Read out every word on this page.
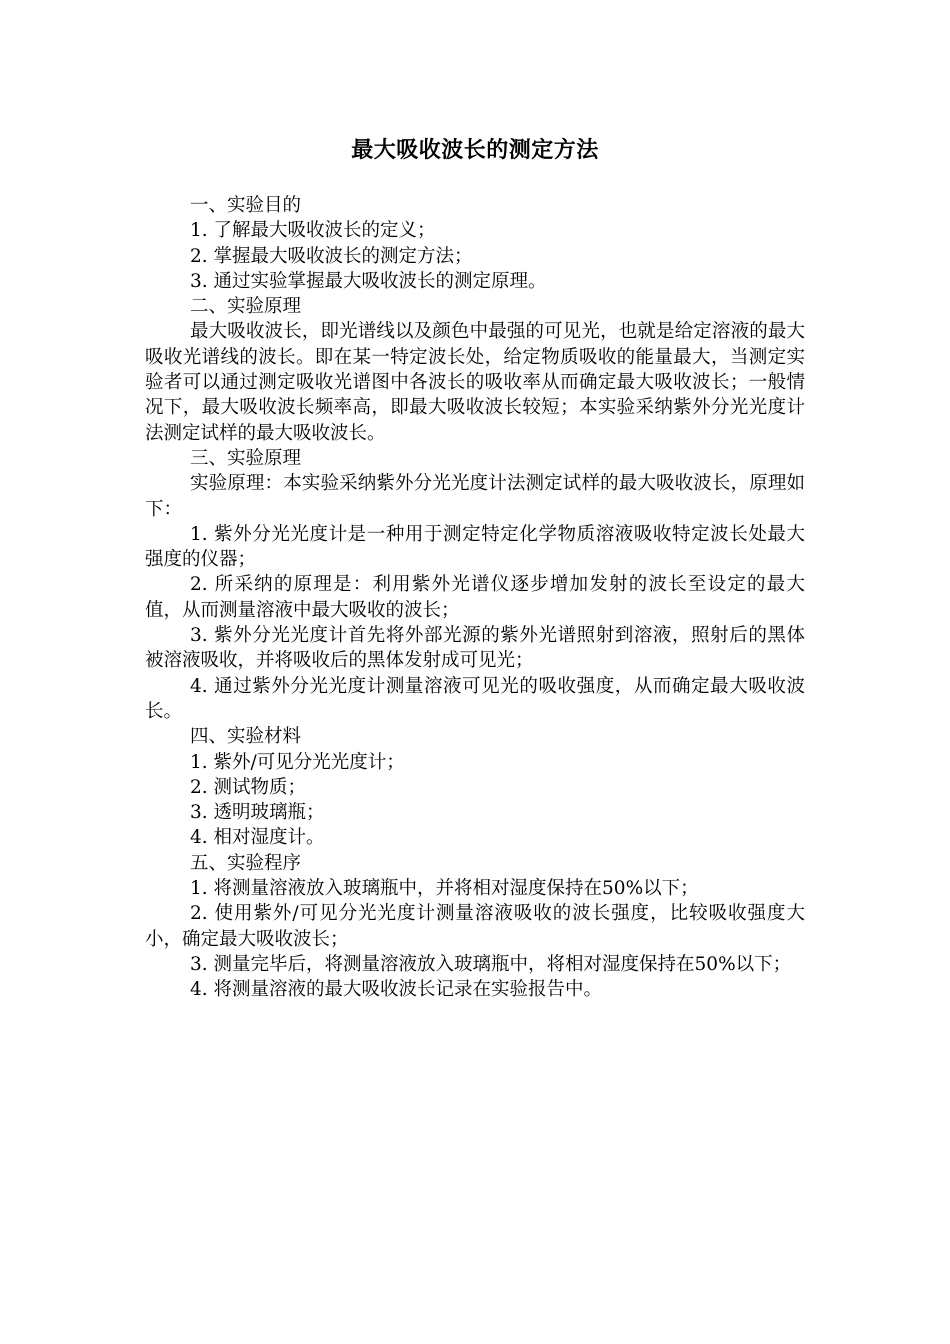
最大吸收波长的测定方法

一、实验目的

1. 了解最大吸收波长的定义；

2. 掌握最大吸收波长的测定方法；

3. 通过实验掌握最大吸收波长的测定原理。

二、实验原理

最大吸收波长，即光谱线以及颜色中最强的可见光，也就是给定溶液的最大吸收光谱线的波长。即在某一特定波长处，给定物质吸收的能量最大，当测定实验者可以通过测定吸收光谱图中各波长的吸收率从而确定最大吸收波长；一般情况下，最大吸收波长频率高，即最大吸收波长较短；本实验采纳紫外分光光度计法测定试样的最大吸收波长。

三、实验原理

实验原理：本实验采纳紫外分光光度计法测定试样的最大吸收波长，原理如下：

1. 紫外分光光度计是一种用于测定特定化学物质溶液吸收特定波长处最大强度的仪器；

2. 所采纳的原理是：利用紫外光谱仪逐步增加发射的波长至设定的最大值，从而测量溶液中最大吸收的波长；

3. 紫外分光光度计首先将外部光源的紫外光谱照射到溶液，照射后的黑体被溶液吸收，并将吸收后的黑体发射成可见光；

4. 通过紫外分光光度计测量溶液可见光的吸收强度，从而确定最大吸收波长。

四、实验材料

1. 紫外/可见分光光度计；

2. 测试物质；

3. 透明玻璃瓶；

4. 相对湿度计。

五、实验程序

1. 将测量溶液放入玻璃瓶中，并将相对湿度保持在50%以下；

2. 使用紫外/可见分光光度计测量溶液吸收的波长强度，比较吸收强度大小，确定最大吸收波长；

3. 测量完毕后，将测量溶液放入玻璃瓶中，将相对湿度保持在50%以下；

4. 将测量溶液的最大吸收波长记录在实验报告中。
